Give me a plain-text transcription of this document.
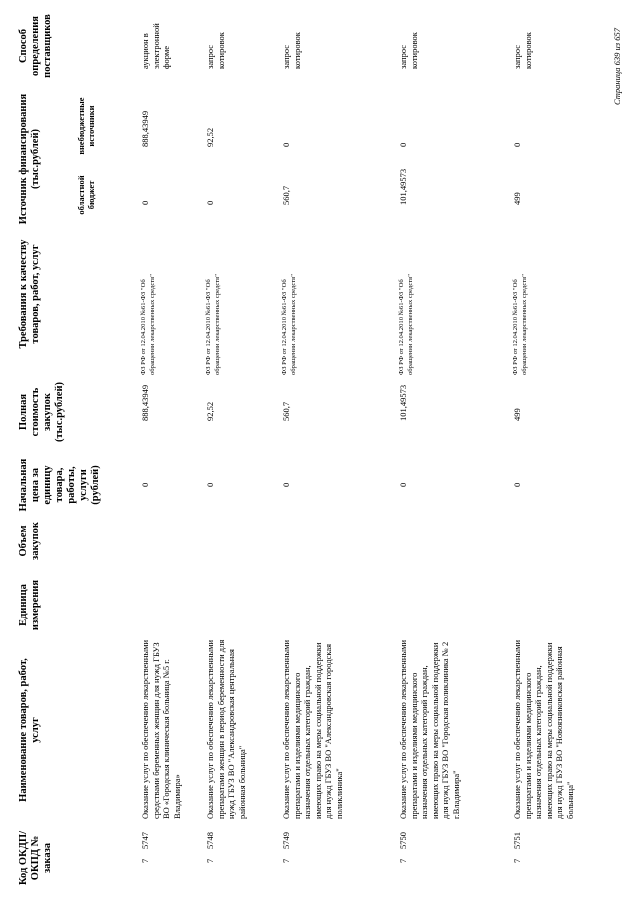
Код ОКДП/ ОКПД № заказа
Наименование товаров, работ, услуг
Единица измерения
Объем закупок
Начальная цена за единицу товара, работы, услуги (рублей)
Полная стоимость закупок (тыс.рублей)
Требования к качеству товаров, работ, услуг
Источник финансирования (тыс.рублей)
областной бюджет
внебюджетные источники
Способ определения поставщиков
7
5747
Оказание услуг по обеспечению лекарственными средствами беременных женщин для нужд ГБУЗ ВО «Городская клиническая больница №5 г. Владимира»
0
888,43949
ФЗ РФ от 12.04.2010 №61-ФЗ "Об обращении лекарственных средств"
0
888,43949
аукцион в электронной форме
7
5748
Оказание услуг по обеспечению лекарственными препаратами женщин в период беременности для нужд ГБУЗ ВО "Александровская центральная районная больница"
0
92,52
ФЗ РФ от 12.04.2010 №61-ФЗ "Об обращении лекарственных средств"
0
92,52
запрос котировок
7
5749
Оказание услуг по обеспечению лекарственными препаратами и изделиями медицинского назначения отдельных категорий граждан, имеющих право на меры социальной поддержки для нужд ГБУЗ ВО "Александровская городская поликлиника"
0
560,7
ФЗ РФ от 12.04.2010 №61-ФЗ "Об обращении лекарственных средств"
560,7
0
запрос котировок
7
5750
Оказание услуг по обеспечению лекарственными препаратами и изделиями медицинского назначения отдельных категорий граждан, имеющих право на меры социальной поддержки для нужд ГБУЗ ВО "Городская поликлиника № 2 г.Владимира"
0
101,49573
ФЗ РФ от 12.04.2010 №61-ФЗ "Об обращении лекарственных средств"
101,49573
0
запрос котировок
7
5751
Оказание услуг по обеспечению лекарственными препаратами и изделиями медицинского назначения отдельных категорий граждан, имеющих право на меры социальной поддержки для нужд ГБУЗ ВО "Новоязниковская районная больница"
0
499
ФЗ РФ от 12.04.2010 №61-ФЗ "Об обращении лекарственных средств"
499
0
запрос котировок	Страница 639 из 657
